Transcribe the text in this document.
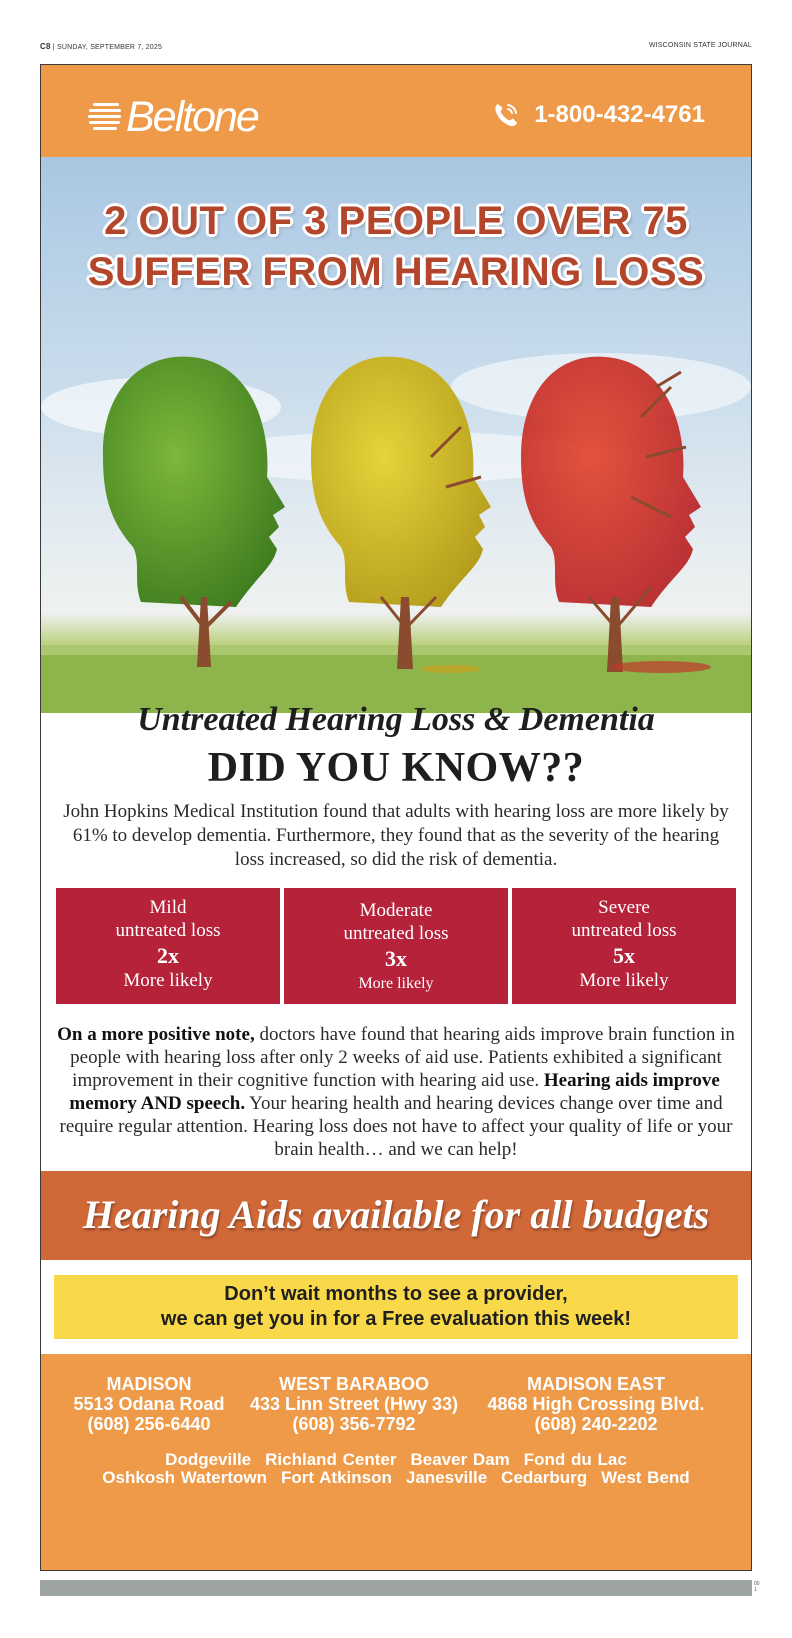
C8 | SUNDAY, SEPTEMBER 7, 2025	WISCONSIN STATE JOURNAL
Beltone	1-800-432-4761
2 OUT OF 3 PEOPLE OVER 75
SUFFER FROM HEARING LOSS
Untreated Hearing Loss & Dementia
DID YOU KNOW??
John Hopkins Medical Institution found that adults with hearing loss are more likely by 61% to develop dementia. Furthermore, they found that as the severity of the hearing loss increased, so did the risk of dementia.
Mild
untreated loss
2x
More likely
Moderate
untreated loss
3x
More likely
Severe
untreated loss
5x
More likely
On a more positive note, doctors have found that hearing aids improve brain function in people with hearing loss after only 2 weeks of aid use. Patients exhibited a significant improvement in their cognitive function with hearing aid use. Hearing aids improve memory AND speech. Your hearing health and hearing devices change over time and require regular attention. Hearing loss does not have to affect your quality of life or your brain health… and we can help!
Hearing Aids available for all budgets
Don’t wait months to see a provider,
we can get you in for a Free evaluation this week!
MADISON
5513 Odana Road
(608) 256-6440
WEST BARABOO
433 Linn Street (Hwy 33)
(608) 356-7792
MADISON EAST
4868 High Crossing Blvd.
(608) 240-2202
Dodgeville Richland Center Beaver Dam Fond du Lac
Oshkosh Watertown Fort Atkinson Janesville Cedarburg West Bend
00
1
